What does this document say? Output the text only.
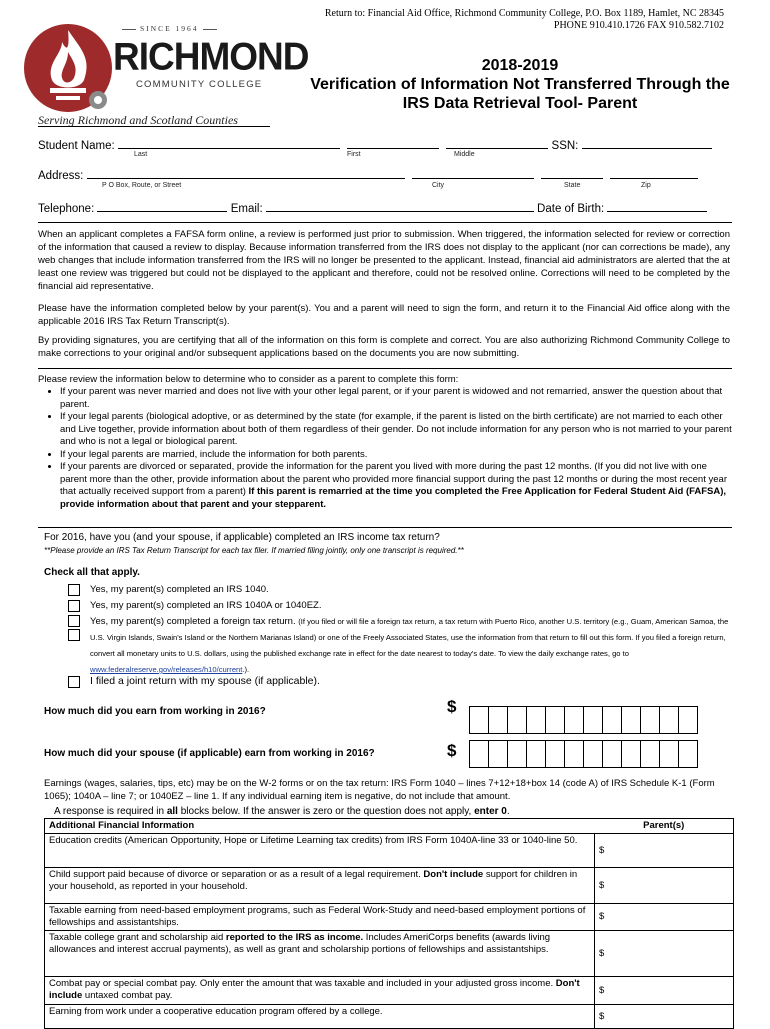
SINCE 1964
RICHMOND
COMMUNITY COLLEGE
Serving Richmond and Scotland Counties
Return to: Financial Aid Office, Richmond Community College, P.O. Box 1189, Hamlet, NC 28345
PHONE 910.410.1726 FAX 910.582.7102
2018-2019
Verification of Information Not Transferred Through the
IRS Data Retrieval Tool- Parent
Student Name:	SSN:
Last	First	Middle
Address:
P O Box, Route, or Street	City	State	Zip
Telephone:	Email:	Date of Birth:
When an applicant completes a FAFSA form online, a review is performed just prior to submission. When triggered, the information selected for review or correction of the information that caused a review to display. Because information transferred from the IRS does not display to the applicant (nor can corrections be made), any web changes that include information transferred from the IRS will no longer be presented to the applicant. Instead, financial aid administrators are alerted that the at least one review was triggered but could not be displayed to the applicant and therefore, could not be resolved online. Corrections will need to be completed by the financial aid representative.
Please have the information completed below by your parent(s). You and a parent will need to sign the form, and return it to the Financial Aid office along with the applicable 2016 IRS Tax Return Transcript(s).
By providing signatures, you are certifying that all of the information on this form is complete and correct. You are also authorizing Richmond Community College to make corrections to your original and/or subsequent applications based on the documents you are now submitting.
Please review the information below to determine who to consider as a parent to complete this form:
• If your parent was never married and does not live with your other legal parent, or if your parent is widowed and not remarried, answer the question about that parent.
• If your legal parents (biological adoptive, or as determined by the state (for example, if the parent is listed on the birth certificate) are not married to each other and Live together, provide information about both of them regardless of their gender. Do not include information for any person who is not married to your parent and who is not a legal or biological parent.
• If your legal parents are married, include the information for both parents.
• If your parents are divorced or separated, provide the information for the parent you lived with more during the past 12 months. (If you did not live with one parent more than the other, provide information about the parent who provided more financial support during the past 12 months or during the most recent year that actually received support from a parent) If this parent is remarried at the time you completed the Free Application for Federal Student Aid (FAFSA), provide information about that parent and your stepparent.
For 2016, have you (and your spouse, if applicable) completed an IRS income tax return?
**Please provide an IRS Tax Return Transcript for each tax filer. If married filing jointly, only one transcript is required.**
Check all that apply.
Yes, my parent(s) completed an IRS 1040.
Yes, my parent(s) completed an IRS 1040A or 1040EZ.
Yes, my parent(s) completed a foreign tax return. (If you filed or will file a foreign tax return, a tax return with Puerto Rico, another U.S. territory (e.g., Guam, American Samoa, the U.S. Virgin Islands, Swain's Island or the Northern Marianas Island) or one of the Freely Associated States, use the information from that return to fill out this form. If you filed a foreign return, convert all monetary units to U.S. dollars, using the published exchange rate in effect for the date nearest to today's date. To view the daily exchange rates, go to www.federalreserve.gov/releases/h10/current.).
I filed a joint return with my spouse (if applicable).
How much did you earn from working in 2016?	$
How much did your spouse (if applicable) earn from working in 2016?	$
Earnings (wages, salaries, tips, etc) may be on the W-2 forms or on the tax return: IRS Form 1040 – lines 7+12+18+box 14 (code A) of IRS Schedule K-1 (Form 1065); 1040A – line 7; or 1040EZ – line 1. If any individual earning item is negative, do not include that amount.
A response is required in all blocks below. If the answer is zero or the question does not apply, enter 0.
Additional Financial Information	Parent(s)
Education credits (American Opportunity, Hope or Lifetime Learning tax credits) from IRS Form 1040A-line 33 or 1040-line 50.	$
Child support paid because of divorce or separation or as a result of a legal requirement. Don't include support for children in your household, as reported in your household.	$
Taxable earning from need-based employment programs, such as Federal Work-Study and need-based employment portions of fellowships and assistantships.	$
Taxable college grant and scholarship aid reported to the IRS as income. Includes AmeriCorps benefits (awards living allowances and interest accrual payments), as well as grant and scholarship portions of fellowships and assistantships.	$
Combat pay or special combat pay. Only enter the amount that was taxable and included in your adjusted gross income. Don't include untaxed combat pay.	$
Earning from work under a cooperative education program offered by a college.	$
